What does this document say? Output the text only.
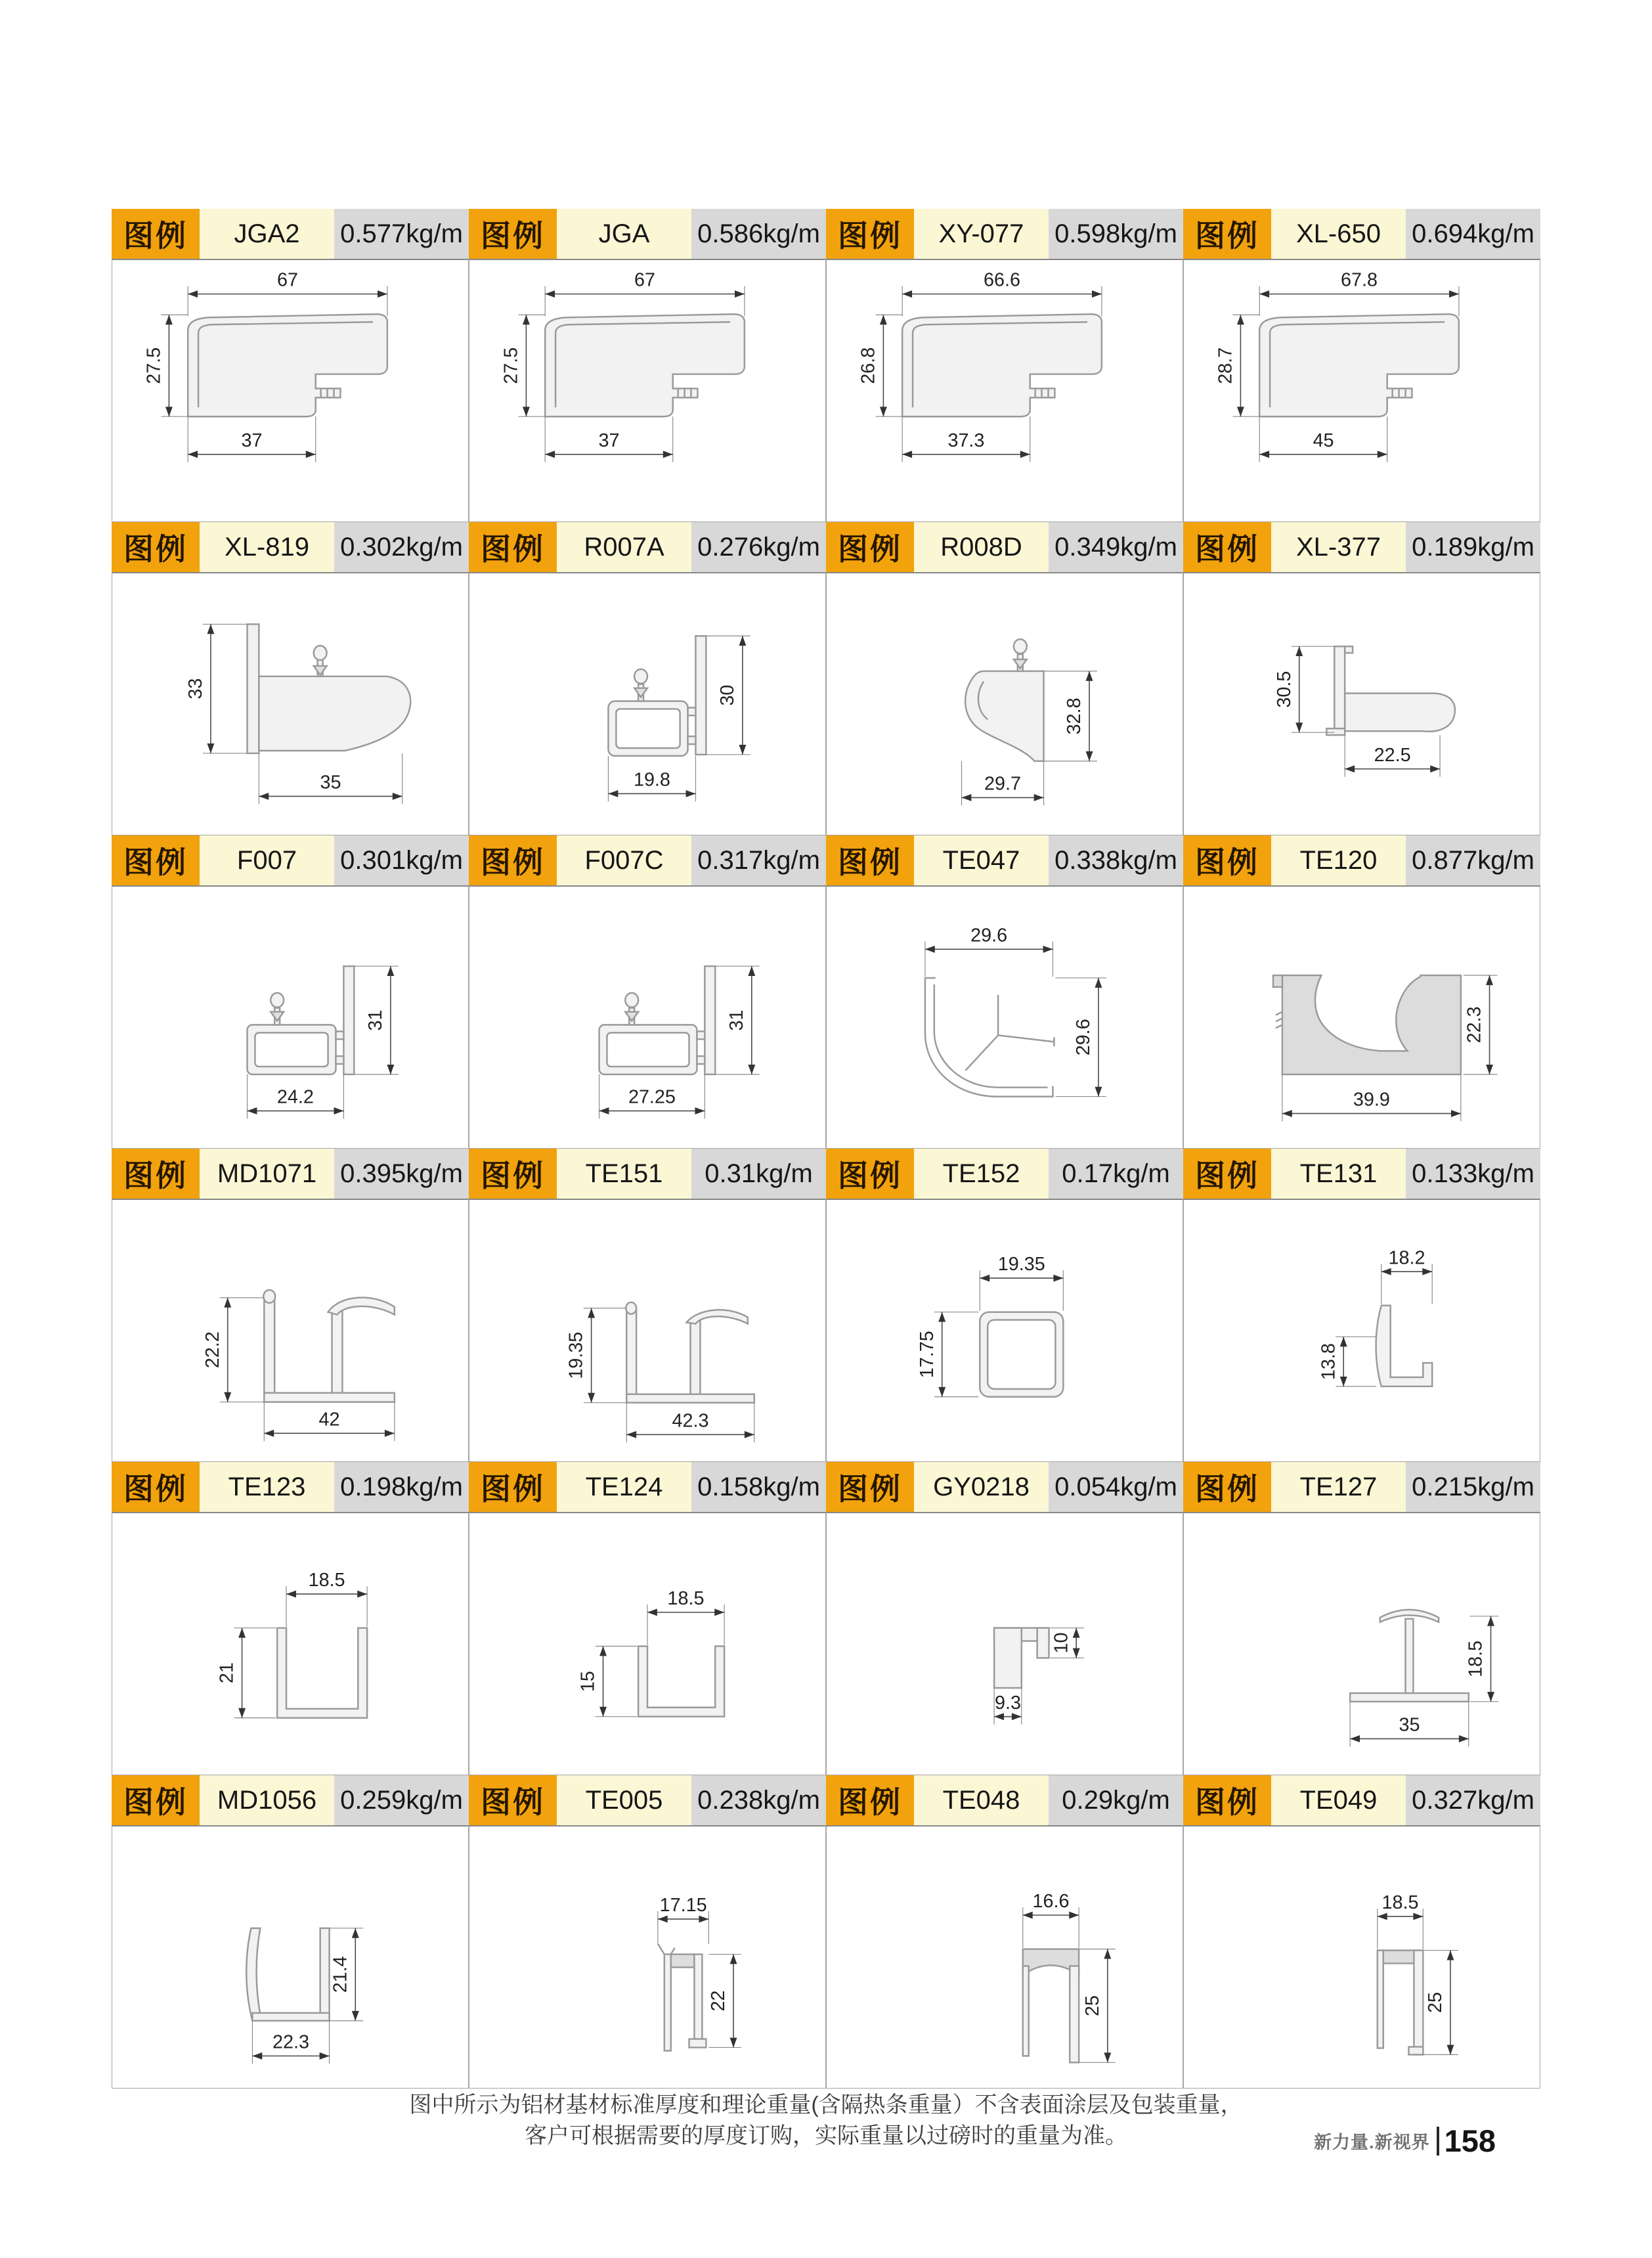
图例	JGA2	0.577kg/m
67
27.5
37
图例	JGA	0.586kg/m
67
27.5
37
图例	XY-077	0.598kg/m
66.6
26.8
37.3
图例	XL-650	0.694kg/m
67.8
28.7
45
图例	XL-819	0.302kg/m
33
35
图例	R007A	0.276kg/m
19.8
30
图例	R008D	0.349kg/m
32.8
29.7
图例	XL-377	0.189kg/m
30.5
22.5
图例	F007	0.301kg/m
24.2
31
图例	F007C	0.317kg/m
27.25
31
图例	TE047	0.338kg/m
29.6
29.6
图例	TE120	0.877kg/m
22.3
39.9
图例	MD1071 0.395kg/m
22.2
42
图例	TE151	0.31kg/m
19.35
42.3
图例	TE152	0.17kg/m
19.35
17.75
图例	TE131	0.133kg/m
18.2
13.8
图例	TE123	0.198kg/m
18.5
21
图例	TE124	0.158kg/m
18.5
15
图例	GY0218 0.054kg/m
10
9.3
图例	TE127	0.215kg/m
18.5
35
图例	MD1056 0.259kg/m
21.4
22.3
图例	TE005	0.238kg/m
17.15
22
图例	TE048	0.29kg/m
16.6
25
图例	TE049	0.327kg/m
18.5
25
图中所示为铝材基材标准厚度和理论重量(含隔热条重量）不含表面涂层及包装重量，
客户可根据需要的厚度订购，实际重量以过磅时的重量为准。	新力量.新视界 158
